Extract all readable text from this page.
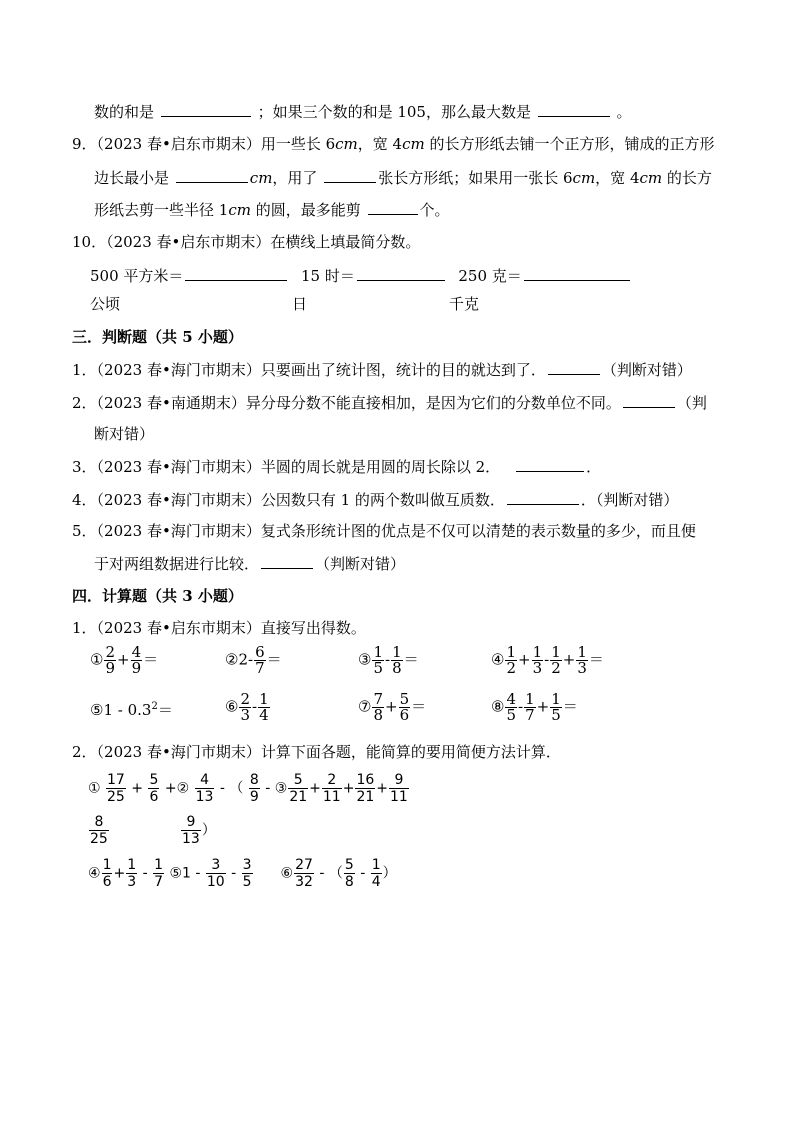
数的和是	；如果三个数的和是 105，那么最大数是	。
9．（2023 春•启东市期末）用一些长 6cm，宽 4cm 的长方形纸去铺一个正方形，铺成的正方形
边长最小是	cm，用了	张长方形纸；如果用一张长 6cm，宽 4cm 的长方
形纸去剪一些半径 1cm 的圆，最多能剪	个。
10．（2023 春•启东市期末）在横线上填最简分数。
500 平方米＝	15 时＝	250 克＝
公顷	日	千克
三．判断题（共 5 小题）
1．（2023 春•海门市期末）只要画出了统计图，统计的目的就达到了．	（判断对错）
2．（2023 春•南通期末）异分母分数不能直接相加，是因为它们的分数单位不同。	（判
断对错）
3．（2023 春•海门市期末）半圆的周长就是用圆的周长除以 2．	．
4．（2023 春•海门市期末）公因数只有 1 的两个数叫做互质数．	．（判断对错）
5．（2023 春•海门市期末）复式条形统计图的优点是不仅可以清楚的表示数量的多少，而且便
于对两组数据进行比较．	（判断对错）
四．计算题（共 3 小题）
1．（2023 春•启东市期末）直接写出得数。
① $\frac{2}{9} + \frac{4}{9}$ ＝	②2- $\frac{6}{7}$ ＝	③ $\frac{1}{5} - \frac{1}{8}$ ＝	④ $\frac{1}{2} + \frac{1}{3} - \frac{1}{2} + \frac{1}{3}$ ＝
⑤1 - $0.3^2=$	⑥ $\frac{2}{3} - \frac{1}{4}$	⑦ $\frac{7}{8} + \frac{5}{6}$ ＝	⑧ $\frac{4}{5} - \frac{1}{7} + \frac{1}{5}$ ＝
2．（2023 春•海门市期末）计算下面各题，能简算的要用简便方法计算．
① $\frac{17}{25} + \frac{5}{6}$ +② $\frac{4}{13}$ - （ $\frac{8}{9}$ - ③ $\frac{5}{21} + \frac{2}{11} + \frac{16}{21} + \frac{9}{11}$
$\frac{8}{25}$	$\frac{9}{13}$ ）
④ $\frac{1}{6} + \frac{1}{3} - \frac{1}{7}$ ⑤1 - $\frac{3}{10} - \frac{3}{5}$ ⑥ $\frac{27}{32}$ - （ $\frac{5}{8} - \frac{1}{4}$ ）
